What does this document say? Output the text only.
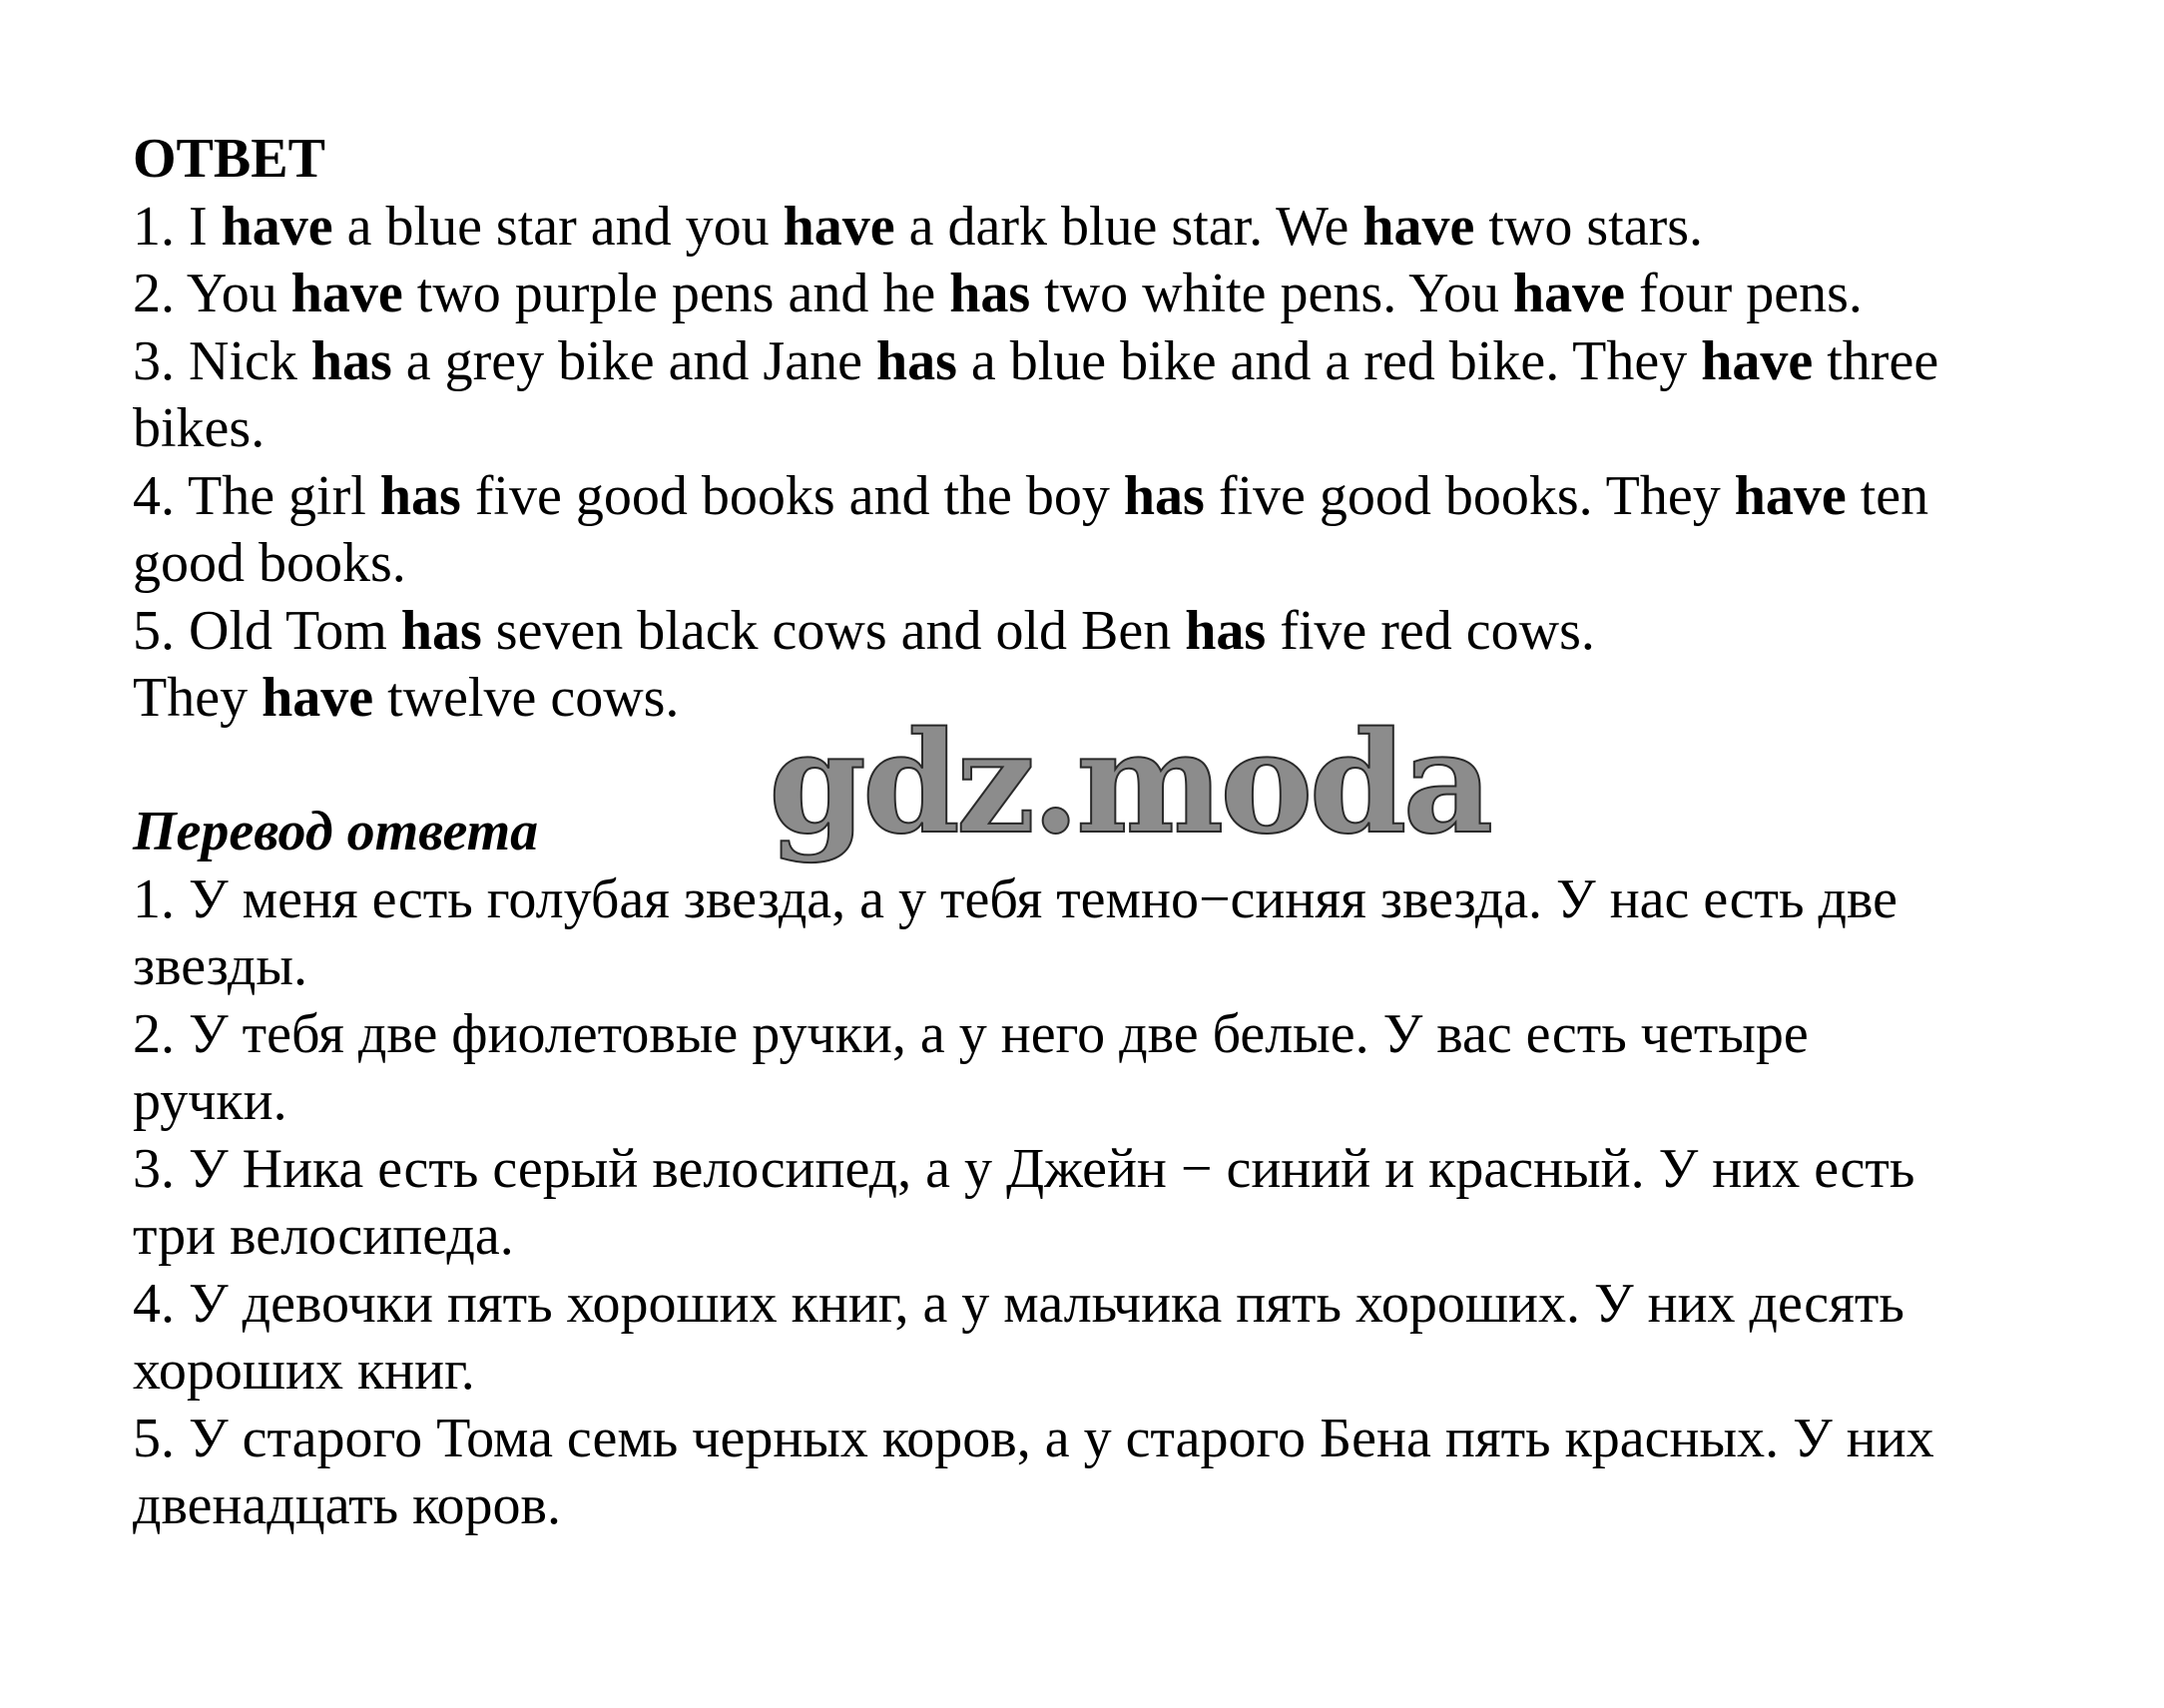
ОТВЕТ
1. I have a blue star and you have a dark blue star. We have two stars.
2. You have two purple pens and he has two white pens. You have four pens.
3. Nick has a grey bike and Jane has a blue bike and a red bike. They have three
bikes.
4. The girl has five good books and the boy has five good books. They have ten
good books.
5. Old Tom has seven black cows and old Ben has five red cows.
They have twelve cows.
gdz.moda
Перевод ответа
1. У меня есть голубая звезда, а у тебя темно−синяя звезда. У нас есть две
звезды.
2. У тебя две фиолетовые ручки, а у него две белые. У вас есть четыре
ручки.
3. У Ника есть серый велосипед, а у Джейн − синий и красный. У них есть
три велосипеда.
4. У девочки пять хороших книг, а у мальчика пять хороших. У них десять
хороших книг.
5. У старого Тома семь черных коров, а у старого Бена пять красных. У них
двенадцать коров.
